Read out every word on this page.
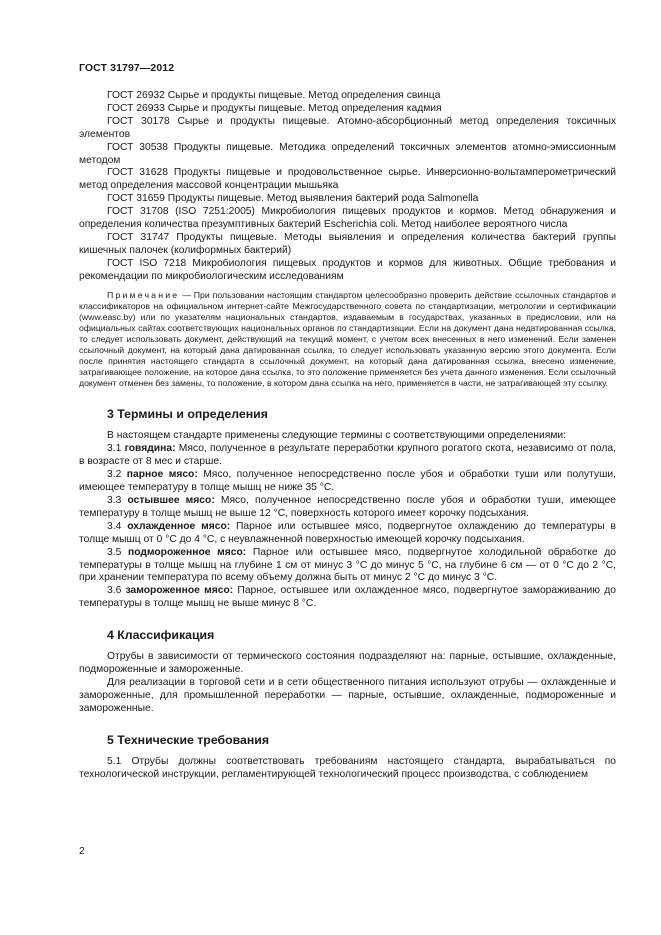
ГОСТ 31797—2012

ГОСТ 26932 Сырье и продукты пищевые. Метод определения свинца

ГОСТ 26933 Сырье и продукты пищевые. Метод определения кадмия

ГОСТ 30178 Сырье и продукты пищевые. Атомно-абсорбционный метод определения токсичных элементов

ГОСТ 30538 Продукты пищевые. Методика определений токсичных элементов атомно-эмиссионным методом

ГОСТ 31628 Продукты пищевые и продовольственное сырье. Инверсионно-вольтамперометрический метод определения массовой концентрации мышьяка

ГОСТ 31659 Продукты пищевые. Метод выявления бактерий рода Salmonella

ГОСТ 31708 (ISO 7251:2005) Микробиология пищевых продуктов и кормов. Метод обнаружения и определения количества презумптивных бактерий Escherichia coli. Метод наиболее вероятного числа

ГОСТ 31747 Продукты пищевые. Методы выявления и определения количества бактерий группы кишечных палочек (колиформных бактерий)

ГОСТ ISO 7218 Микробиология пищевых продуктов и кормов для животных. Общие требования и рекомендации по микробиологическим исследованиям

Примечание — При пользовании настоящим стандартом целесообразно проверить действие ссылочных стандартов и классификаторов на официальном интернет-сайте Межгосударственного совета по стандартизации, метрологии и сертификации (www.easc.by) или по указателям национальных стандартов, издаваемым в государствах, указанных в предисловии, или на официальных сайтах соответствующих национальных органов по стандартизации. Если на документ дана недатированная ссылка, то следует использовать документ, действующий на текущий момент, с учетом всех внесенных в него изменений. Если заменен ссылочный документ, на который дана датированная ссылка, то следует использовать указанную версию этого документа. Если после принятия настоящего стандарта в ссылочный документ, на который дана датированная ссылка, внесено изменение, затрагивающее положение, на которое дана ссылка, то это положение применяется без учета данного изменения. Если ссылочный документ отменен без замены, то положение, в котором дана ссылка на него, применяется в части, не затрагивающей эту ссылку.

3 Термины и определения

В настоящем стандарте применены следующие термины с соответствующими определениями:

3.1 говядина: Мясо, полученное в результате переработки крупного рогатого скота, независимо от пола, в возрасте от 8 мес и старше.

3.2 парное мясо: Мясо, полученное непосредственно после убоя и обработки туши или полутуши, имеющее температуру в толще мышц не ниже 35 °С.

3.3 остывшее мясо: Мясо, полученное непосредственно после убоя и обработки туши, имеющее температуру в толще мышц не выше 12 °С, поверхность которого имеет корочку подсыхания.

3.4 охлажденное мясо: Парное или остывшее мясо, подвергнутое охлаждению до температуры в толще мышц от 0 °С до 4 °С, с неувлажненной поверхностью имеющей корочку подсыхания.

3.5 подмороженное мясо: Парное или остывшее мясо, подвергнутое холодильной обработке до температуры в толще мышц на глубине 1 см от минус 3 °С до минус 5 °С, на глубине 6 см — от 0 °С до 2 °С, при хранении температура по всему объему должна быть от минус 2 °С до минус 3 °С.

3.6 замороженное мясо: Парное, остывшее или охлажденное мясо, подвергнутое замораживанию до температуры в толще мышц не выше минус 8 °С.

4 Классификация

Отрубы в зависимости от термического состояния подразделяют на: парные, остывшие, охлажденные, подмороженные и замороженные.

Для реализации в торговой сети и в сети общественного питания используют отрубы — охлажденные и замороженные, для промышленной переработки — парные, остывшие, охлажденные, подмороженные и замороженные.

5 Технические требования

5.1 Отрубы должны соответствовать требованиям настоящего стандарта, вырабатываться по технологической инструкции, регламентирующей технологический процесс производства, с соблюдением

2
